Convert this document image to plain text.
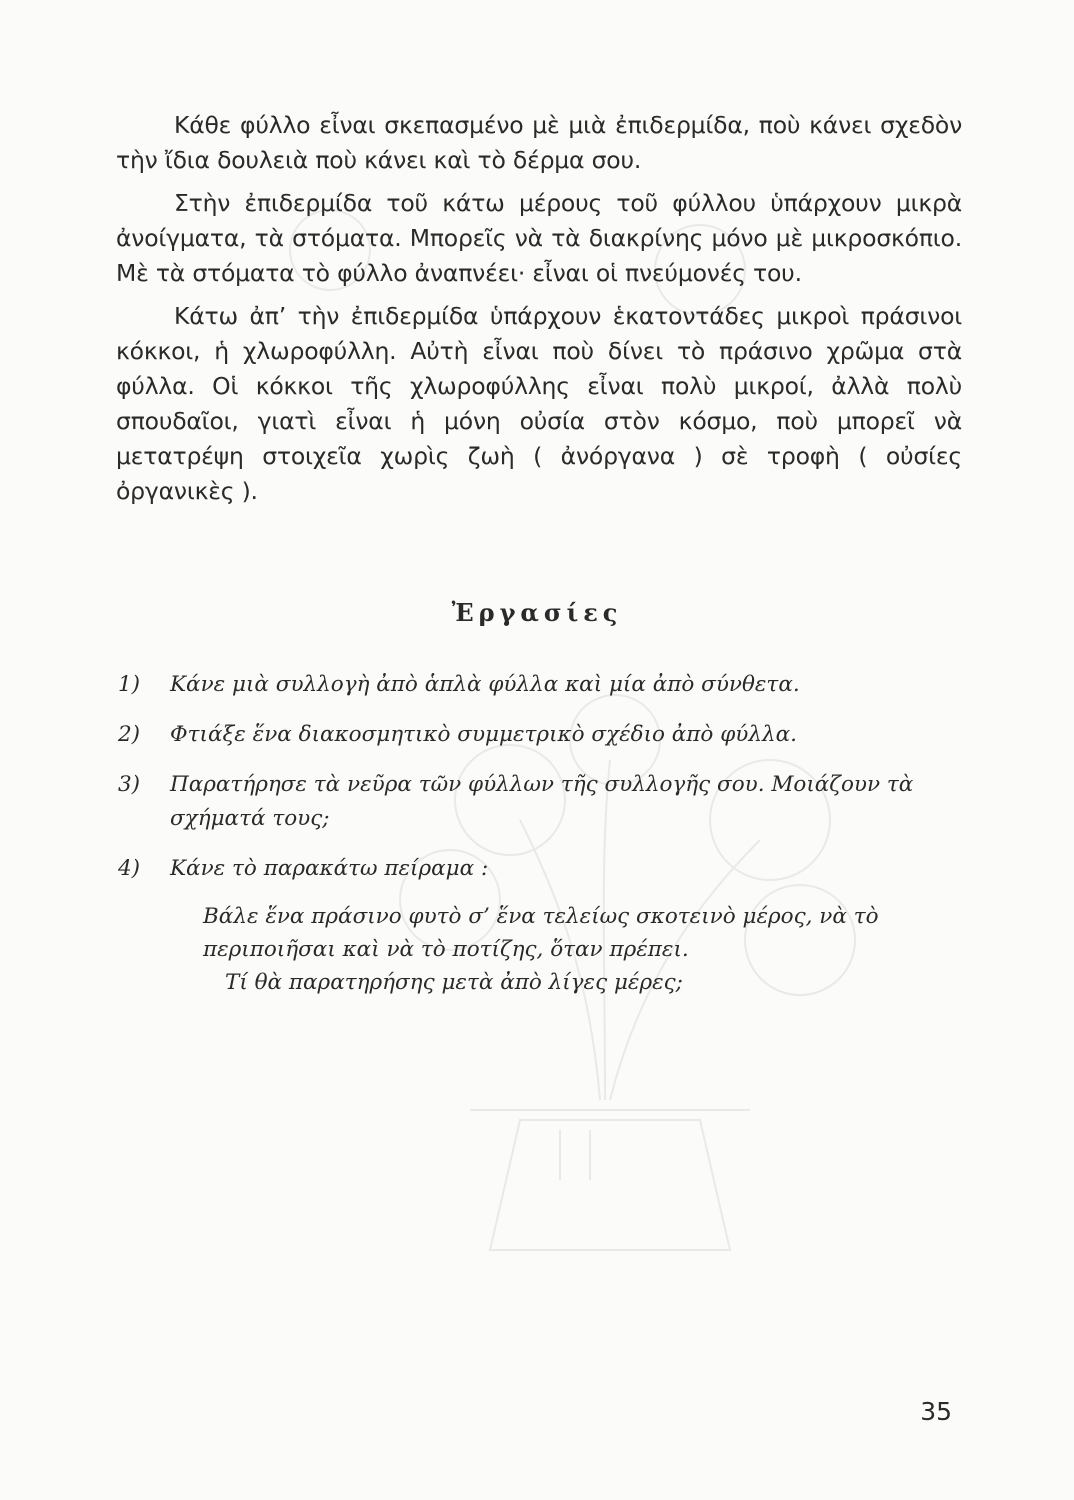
Κάθε φύλλο εἶναι σκεπασμένο μὲ μιὰ ἐπιδερμίδα, ποὺ κάνει σχεδὸν τὴν ἴδια δουλειὰ ποὺ κάνει καὶ τὸ δέρμα σου.

Στὴν ἐπιδερμίδα τοῦ κάτω μέρους τοῦ φύλλου ὑπάρχουν μικρὰ ἀνοίγματα, τὰ στόματα. Μπορεῖς νὰ τὰ διακρίνης μόνο μὲ μικροσκόπιο. Μὲ τὰ στόματα τὸ φύλλο ἀναπνέει· εἶναι οἱ πνεύμονές του.

Κάτω ἀπ’ τὴν ἐπιδερμίδα ὑπάρχουν ἑκατοντάδες μικροὶ πράσινοι κόκκοι, ἡ χλωροφύλλη. Αὐτὴ εἶναι ποὺ δίνει τὸ πράσινο χρῶμα στὰ φύλλα. Οἱ κόκκοι τῆς χλωροφύλλης εἶναι πολὺ μικροί, ἀλλὰ πολὺ σπουδαῖοι, γιατὶ εἶναι ἡ μόνη οὐσία στὸν κόσμο, ποὺ μπορεῖ νὰ μετατρέψη στοιχεῖα χωρὶς ζωὴ ( ἀνόργανα ) σὲ τροφὴ ( οὐσίες ὀργανικὲς ).

Ἐργασίες
1) Κάνε μιὰ συλλογὴ ἀπὸ ἁπλὰ φύλλα καὶ μία ἀπὸ σύνθετα.
2) Φτιάξε ἕνα διακοσμητικὸ συμμετρικὸ σχέδιο ἀπὸ φύλλα.
3) Παρατήρησε τὰ νεῦρα τῶν φύλλων τῆς συλλογῆς σου. Μοιάζουν τὰ σχήματά τους;
4) Κάνε τὸ παρακάτω πείραμα :

Βάλε ἕνα πράσινο φυτὸ σ’ ἕνα τελείως σκοτεινὸ μέρος, νὰ τὸ περιποιῆσαι καὶ νὰ τὸ ποτίζης, ὅταν πρέπει.

Τί θὰ παρατηρήσης μετὰ ἀπὸ λίγες μέρες;

35
